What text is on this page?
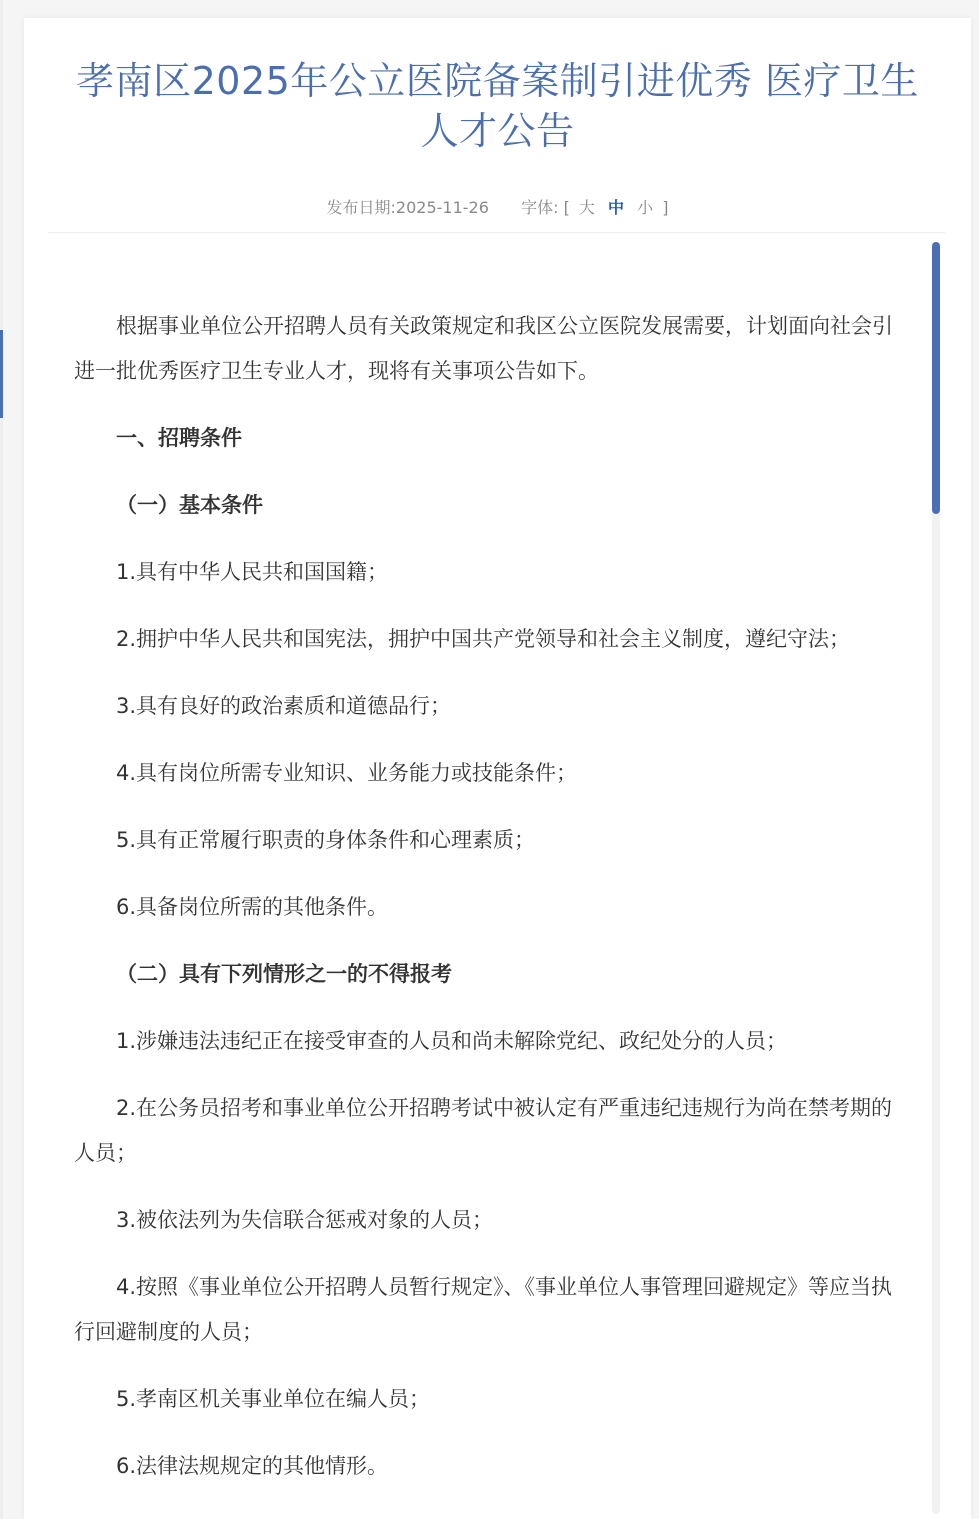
孝南区2025年公立医院备案制引进优秀 医疗卫生人才公告
发布日期:2025-11-26 字体: [ 大 中 小 ]

根据事业单位公开招聘人员有关政策规定和我区公立医院发展需要，计划面向社会引进一批优秀医疗卫生专业人才，现将有关事项公告如下。

一、招聘条件

（一）基本条件

1.具有中华人民共和国国籍；

2.拥护中华人民共和国宪法，拥护中国共产党领导和社会主义制度，遵纪守法；

3.具有良好的政治素质和道德品行；

4.具有岗位所需专业知识、业务能力或技能条件；

5.具有正常履行职责的身体条件和心理素质；

6.具备岗位所需的其他条件。

（二）具有下列情形之一的不得报考

1.涉嫌违法违纪正在接受审查的人员和尚未解除党纪、政纪处分的人员；

2.在公务员招考和事业单位公开招聘考试中被认定有严重违纪违规行为尚在禁考期的人员；

3.被依法列为失信联合惩戒对象的人员；

4.按照《事业单位公开招聘人员暂行规定》、《事业单位人事管理回避规定》等应当执行回避制度的人员；

5.孝南区机关事业单位在编人员；

6.法律法规规定的其他情形。
